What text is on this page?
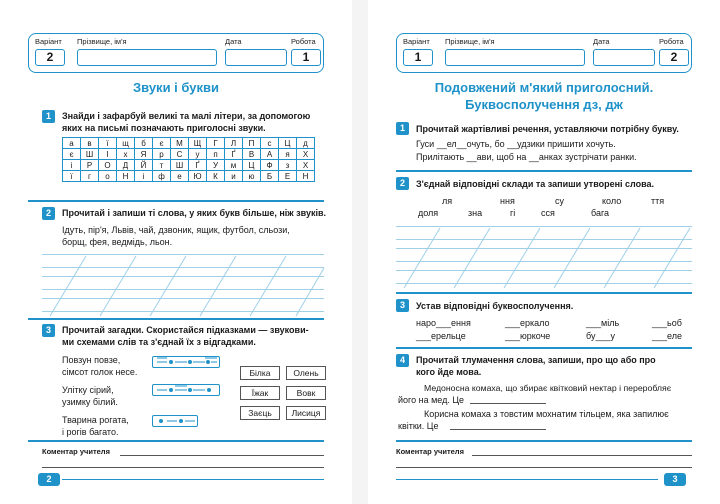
Варіант
2
Прізвище, ім'я	Дата	Робота
1
Звуки і букви
1	Знайди і зафарбуй великі та малі літери, за допомогою яких на письмі позначають приголосні звуки.
а	в	ї	щ	б	є	М	Щ	Г	Л	П	с	Ц	д
є	Ш	І	х	Я	р	С	у	п	Ґ	В	А	я	Х
і	Р	О	Д	Й	т	Ш	Ґ	У	м	Ц	Ф	з	Х
ї	г	о	Н	і	ф	е	Ю	К	и	ю	Б	Е	Н
2	Прочитай і запиши ті слова, у яких букв більше, ніж звуків.
Ідуть, пір'я, Львів, чай, дзвоник, ящик, футбол, сльози,
борщ, фея, ведмідь, льон.
3	Прочитай загадки. Скористайся підказками — звукови-
ми схемами слів та з'єднай їх з відгадками.
Повзун повзе,
сімсот голок несе.
Улітку сірий,
узимку білий.
Тварина рогата,
і рогів багато.
Білка	Олень
Їжак	Вовк
Заєць	Лисиця
Коментар учителя
2
Варіант
1
Прізвище, ім'я	Дата	Робота
2
Подовжений м'який приголосний.
Буквосполучення дз, дж
1	Прочитай жартівливі речення, уставляючи потрібну букву.
Гуси __ел__очуть, бо __удзики пришити хочуть.
Прилітають __ави, щоб на __анках зустрічати ранки.
2	З'єднай відповідні склади та запиши утворені слова.
ля	ння	су	коло	ття
доля	зна	гі	сся	бага
3	Устав відповідні буквосполучення.
наро___ення	___еркало	___міль	___ьоб
___ерельце	___юркоче	бу___у	___еле
4	Прочитай тлумачення слова, запиши, про що або про
кого йде мова.
Медоносна комаха, що збирає квітковий нектар і переробляє
його на мед. Це
Корисна комаха з товстим мохнатим тільцем, яка запилює
квітки. Це
Коментар учителя
3
